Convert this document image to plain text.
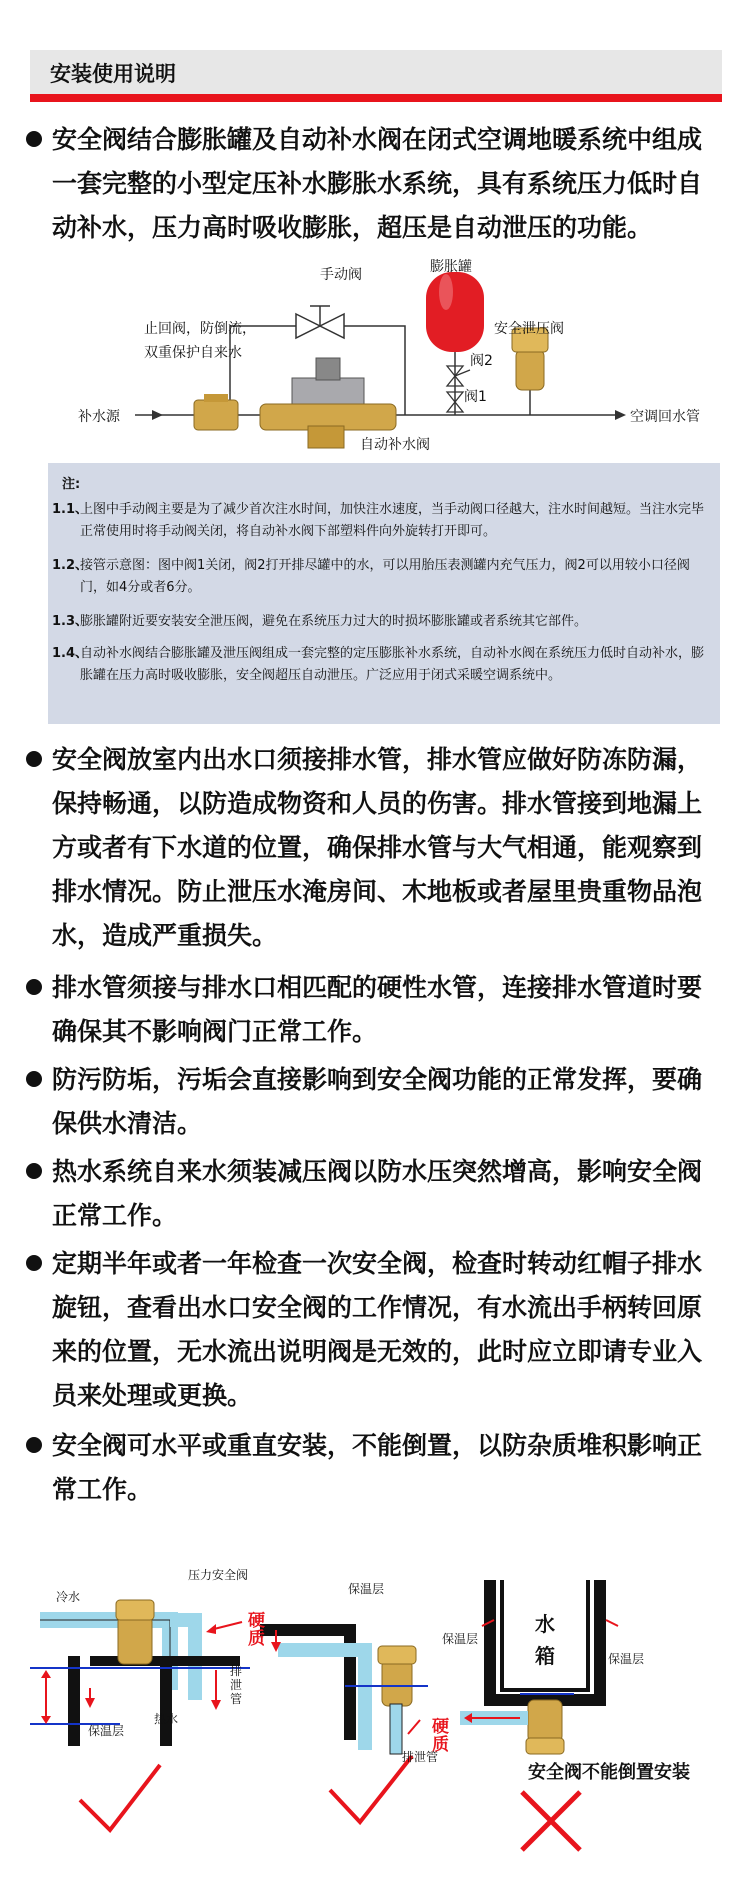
安装使用说明
安全阀结合膨胀罐及自动补水阀在闭式空调地暖系统中组成一套完整的小型定压补水膨胀水系统，具有系统压力低时自动补水，压力高时吸收膨胀，超压是自动泄压的功能。
手动阀	膨胀罐
止回阀，防倒流，
双重保护自来水	阀2
阀1
安全泄压阀
补水源	空调回水管
自动补水阀
注:
1.1、
上图中手动阀主要是为了减少首次注水时间，加快注水速度，当手动阀口径越大，注水时间越短。当注水完毕正常使用时将手动阀关闭，将自动补水阀下部塑料件向外旋转打开即可。
1.2、
接管示意图：图中阀1关闭，阀2打开排尽罐中的水，可以用胎压表测罐内充气压力，阀2可以用较小口径阀门，如4分或者6分。
1.3、
膨胀罐附近要安装安全泄压阀，避免在系统压力过大的时损坏膨胀罐或者系统其它部件。
1.4、
自动补水阀结合膨胀罐及泄压阀组成一套完整的定压膨胀补水系统，自动补水阀在系统压力低时自动补水，膨胀罐在压力高时吸收膨胀，安全阀超压自动泄压。广泛应用于闭式采暖空调系统中。
安全阀放室内出水口须接排水管，排水管应做好防冻防漏，保持畅通，以防造成物资和人员的伤害。排水管接到地漏上方或者有下水道的位置，确保排水管与大气相通，能观察到排水情况。防止泄压水淹房间、木地板或者屋里贵重物品泡水，造成严重损失。
排水管须接与排水口相匹配的硬性水管，连接排水管道时要确保其不影响阀门正常工作。
防污防垢，污垢会直接影响到安全阀功能的正常发挥，要确保供水清洁。
热水系统自来水须装减压阀以防水压突然增高，影响安全阀正常工作。
定期半年或者一年检查一次安全阀，检查时转动红帽子排水旋钮，查看出水口安全阀的工作情况，有水流出手柄转回原来的位置，无水流出说明阀是无效的，此时应立即请专业入员来处理或更换。
安全阀可水平或重直安装，不能倒置，以防杂质堆积影响正常工作。
冷水
压力安全阀
硬质
排泄管
热水
保温层
保温层
硬质
排泄管
水
箱
保温层
保温层
安全阀不能倒置安装
